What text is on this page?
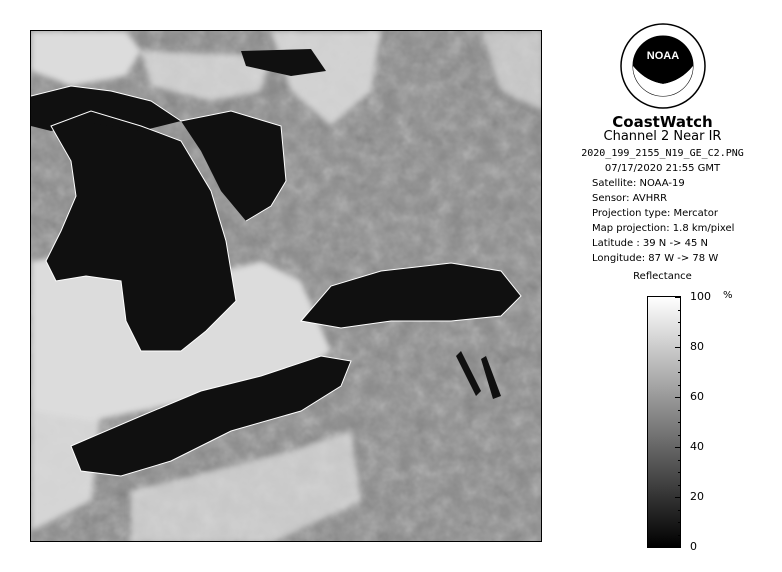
NOAA
CoastWatch
Channel 2 Near IR
2020_199_2155_N19_GE_C2.PNG
07/17/2020 21:55 GMT
Satellite: NOAA-19
Sensor: AVHRR
Projection type: Mercator
Map projection: 1.8 km/pixel
Latitude : 39 N -> 45 N
Longitude: 87 W -> 78 W
Reflectance
%
0
20
40
60
80
100
